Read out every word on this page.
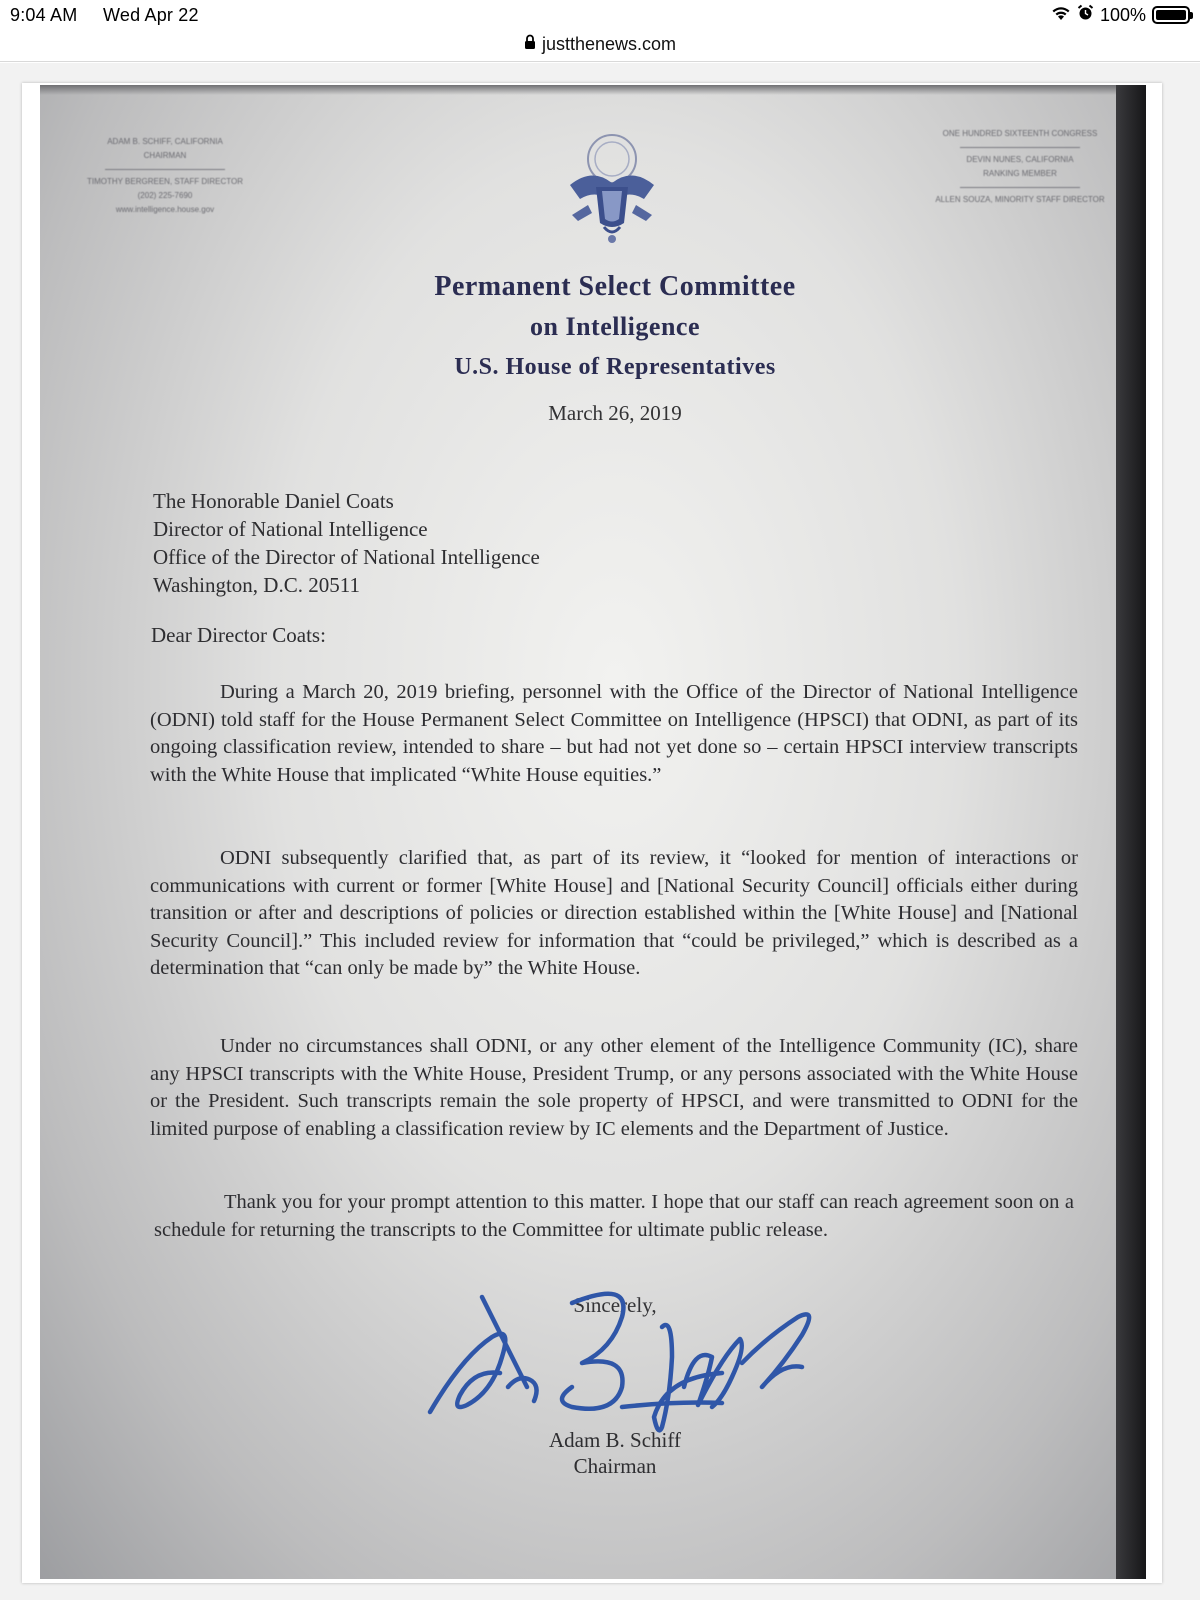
9:04 AM Wed Apr 22	100%
justthenews.com
ADAM B. SCHIFF, CALIFORNIA
CHAIRMAN
TIMOTHY BERGREEN, STAFF DIRECTOR
(202) 225-7690
www.intelligence.house.gov
ONE HUNDRED SIXTEENTH CONGRESS
DEVIN NUNES, CALIFORNIA
RANKING MEMBER
ALLEN SOUZA, MINORITY STAFF DIRECTOR
Permanent Select Committee
on Intelligence
U.S. House of Representatives
March 26, 2019
The Honorable Daniel Coats
Director of National Intelligence
Office of the Director of National Intelligence
Washington, D.C. 20511
Dear Director Coats:
During a March 20, 2019 briefing, personnel with the Office of the Director of National Intelligence (ODNI) told staff for the House Permanent Select Committee on Intelligence (HPSCI) that ODNI, as part of its ongoing classification review, intended to share – but had not yet done so – certain HPSCI interview transcripts with the White House that implicated “White House equities.”
ODNI subsequently clarified that, as part of its review, it “looked for mention of interactions or communications with current or former [White House] and [National Security Council] officials either during transition or after and descriptions of policies or direction established within the [White House] and [National Security Council].” This included review for information that “could be privileged,” which is described as a determination that “can only be made by” the White House.
Under no circumstances shall ODNI, or any other element of the Intelligence Community (IC), share any HPSCI transcripts with the White House, President Trump, or any persons associated with the White House or the President. Such transcripts remain the sole property of HPSCI, and were transmitted to ODNI for the limited purpose of enabling a classification review by IC elements and the Department of Justice.
Thank you for your prompt attention to this matter. I hope that our staff can reach agreement soon on a schedule for returning the transcripts to the Committee for ultimate public release.
Sincerely,
Adam B. Schiff
Chairman
